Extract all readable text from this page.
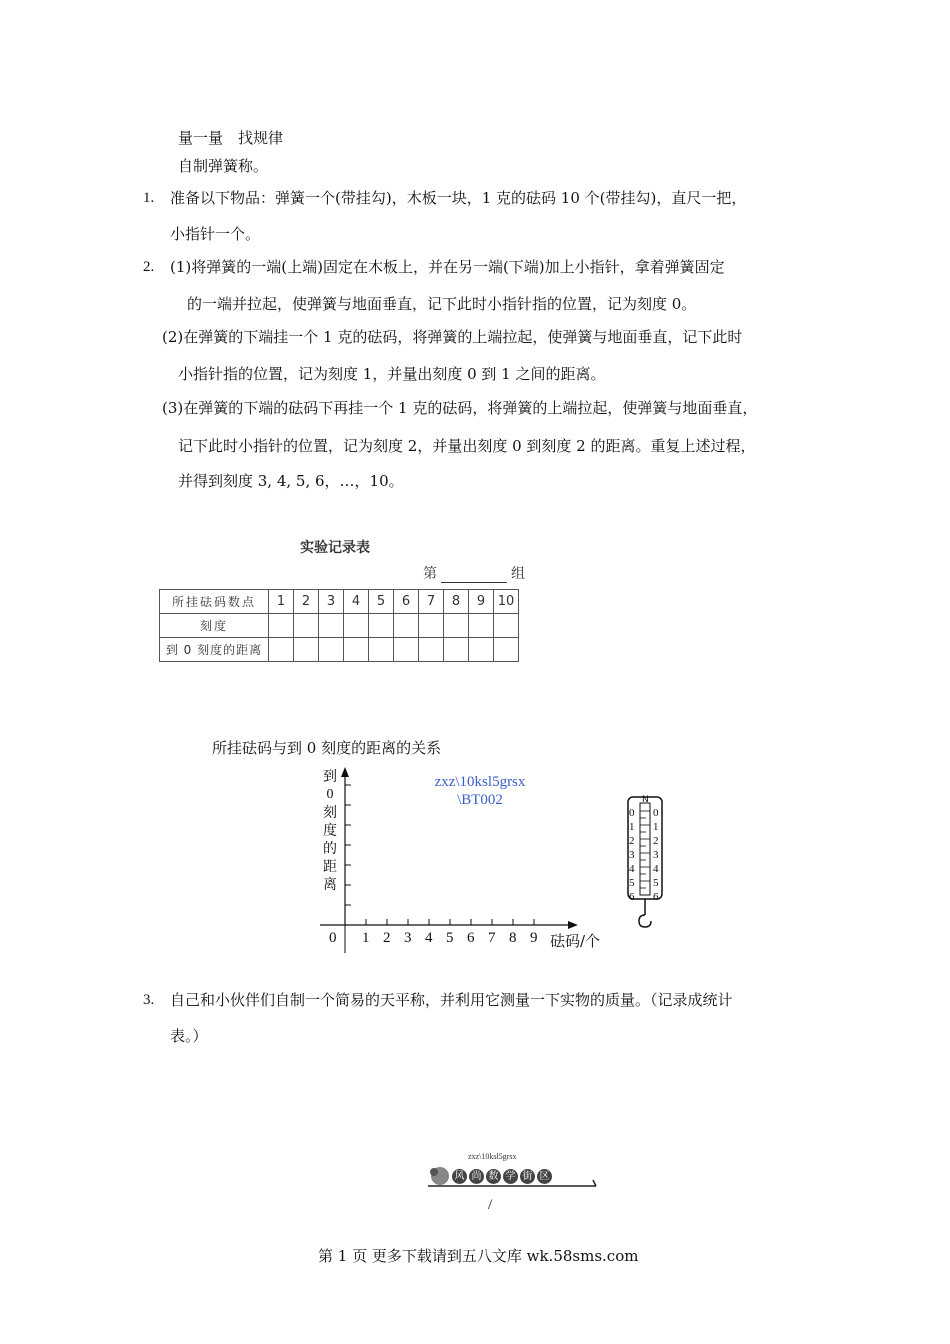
量一量　找规律
自制弹簧称。
1. 准备以下物品：弹簧一个(带挂勾)，木板一块，1 克的砝码 10 个(带挂勾)，直尺一把，
小指针一个。
2. (1)将弹簧的一端(上端)固定在木板上，并在另一端(下端)加上小指针，拿着弹簧固定
的一端并拉起，使弹簧与地面垂直，记下此时小指针指的位置，记为刻度 0。
(2)在弹簧的下端挂一个 1 克的砝码，将弹簧的上端拉起，使弹簧与地面垂直，记下此时
小指针指的位置，记为刻度 1，并量出刻度 0 到 1 之间的距离。
(3)在弹簧的下端的砝码下再挂一个 1 克的砝码，将弹簧的上端拉起，使弹簧与地面垂直，
记下此时小指针的位置，记为刻度 2，并量出刻度 0 到刻度 2 的距离。重复上述过程，
并得到刻度 3, 4, 5, 6，…，10。
实验记录表
第	组
所挂砝码数点	1	2	3	4	5	6	7	8	9	10
刻度										
到 0 刻度的距离										
所挂砝码与到 0 刻度的距离的关系
到
0
刻
度
的
距
离
0 1 2 3 4 5 6 7 8 9 砝码/个
zxz\10ksl5grsx
\BT002	N
0
1
2
3
4
5
6
0
1
2
3
4
5
6
3. 自己和小伙伴们自制一个简易的天平称，并利用它测量一下实物的质量。（记录成统计
表。）
zxz\10ksl5grsx
风 尚 数 学 街 区
/
第 1 页 更多下载请到五八文库 wk.58sms.com
